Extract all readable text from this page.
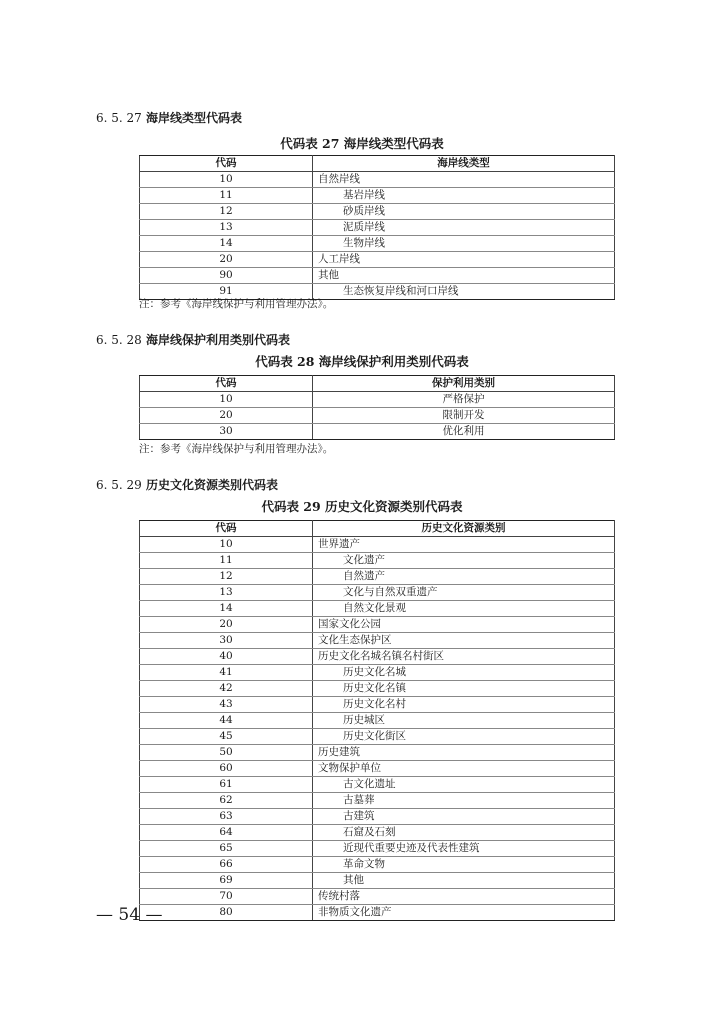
6. 5. 27 海岸线类型代码表
代码表 27 海岸线类型代码表
代码	海岸线类型
10	自然岸线
11	基岩岸线
12	砂质岸线
13	泥质岸线
14	生物岸线
20	人工岸线
90	其他
91	生态恢复岸线和河口岸线
注：参考《海岸线保护与利用管理办法》。
6. 5. 28 海岸线保护利用类别代码表
代码表 28 海岸线保护利用类别代码表
代码	保护利用类别
10	严格保护
20	限制开发
30	优化利用
注：参考《海岸线保护与利用管理办法》。
6. 5. 29 历史文化资源类别代码表
代码表 29 历史文化资源类别代码表
代码	历史文化资源类别
10	世界遗产
11	文化遗产
12	自然遗产
13	文化与自然双重遗产
14	自然文化景观
20	国家文化公园
30	文化生态保护区
40	历史文化名城名镇名村街区
41	历史文化名城
42	历史文化名镇
43	历史文化名村
44	历史城区
45	历史文化街区
50	历史建筑
60	文物保护单位
61	古文化遗址
62	古墓葬
63	古建筑
64	石窟及石刻
65	近现代重要史迹及代表性建筑
66	革命文物
69	其他
70	传统村落
80	非物质文化遗产
— 54 —
